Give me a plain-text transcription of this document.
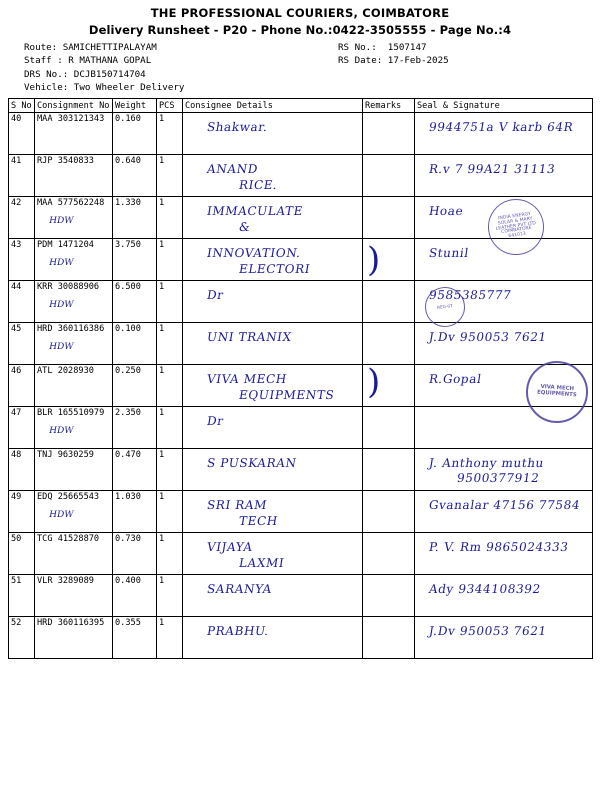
THE PROFESSIONAL COURIERS, COIMBATORE
Delivery Runsheet - P20 - Phone No.:0422-3505555 - Page No.:4
Route: SAMICHETTIPALAYAM
Staff : R MATHANA GOPAL
DRS No.: DCJB150714704
Vehicle: Two Wheeler Delivery
RS No.:  1507147
RS Date: 17-Feb-2025
S No	Consignment No	Weight	PCS	Consignee Details	Remarks	Seal & Signature
40	MAA 303121343	0.160	1	Shakwar.		9944751a V karb 64R

41	RJP 3540833	0.640	1	ANAND
RICE.		R.v 7 99A21 31113

42	MAA 577562248
HDW	1.330	1	IMMACULATE
&		Hoae INDIA ENERGY SOLAR & MARY LEATHER PVT LTD COIMBATORE 641013

43	PDM 1471204
HDW	3.750	1	INNOVATION.
ELECTORI	)	Stunil

44	KRR 30088906
HDW	6.500	1	Dr		9585385777
REG-07

45	HRD 360116386
HDW	0.100	1	UNI TRANIX		J.Dv 950053 7621

46	ATL 2028930	0.250	1	VIVA MECH
EQUIPMENTS	)	R.Gopal
VIVA MECH EQUIPMENTS

47	BLR 165510979
HDW	2.350	1	Dr		

48	TNJ 9630259	0.470	1	S PUSKARAN		J. Anthony muthu
9500377912

49	EDQ 25665543
HDW	1.030	1	SRI RAM
TECH		Gvanalar 47156 77584

50	TCG 41528870	0.730	1	VIJAYA
LAXMI		P. V. Rm 9865024333

51	VLR 3289089	0.400	1	SARANYA		Ady 9344108392

52	HRD 360116395	0.355	1	PRABHU.		J.Dv 950053 7621
